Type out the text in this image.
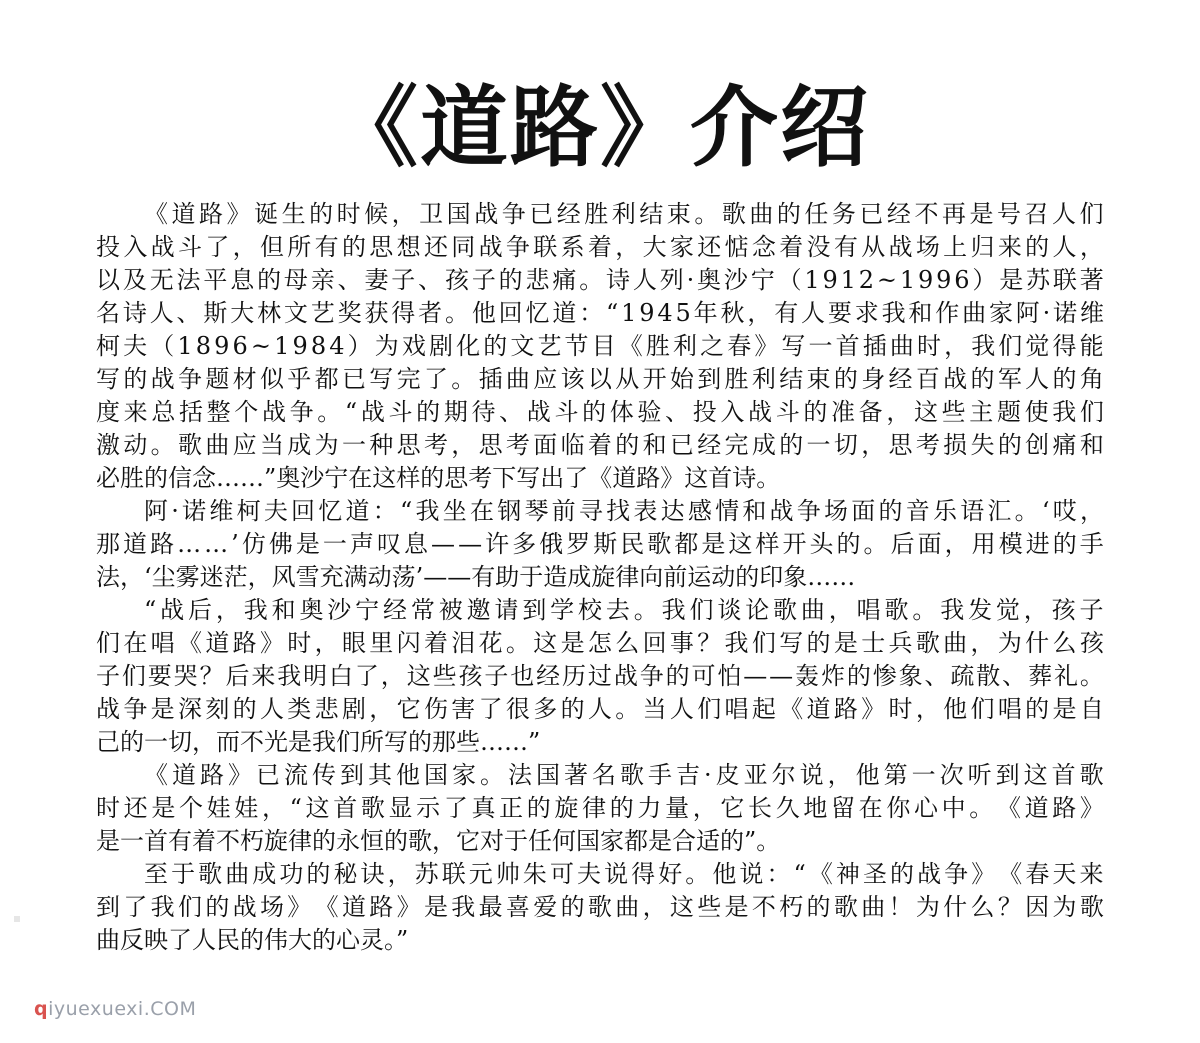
《道路》介绍
《 道 路 》 诞 生 的 时 候 ， 卫 国 战 争 已 经 胜 利 结 束 。 歌 曲 的 任 务 已 经 不 再 是 号 召 人 们
投 入 战 斗 了 ， 但 所 有 的 思 想 还 同 战 争 联 系 着 ， 大 家 还 惦 念 着 没 有 从 战 场 上 归 来 的 人 ，
以 及 无 法 平 息 的 母 亲 、 妻 子 、 孩 子 的 悲 痛 。 诗 人 列 · 奥 沙 宁 （ 1 9 1 2 ~ 1 9 9 6 ） 是 苏 联 著
名 诗 人 、 斯 大 林 文 艺 奖 获 得 者 。 他 回 忆 道 ： “ 1 9 4 5 年 秋 ， 有 人 要 求 我 和 作 曲 家 阿 · 诺 维
柯 夫 （ 1 8 9 6 ~ 1 9 8 4 ） 为 戏 剧 化 的 文 艺 节 目 《 胜 利 之 春 》 写 一 首 插 曲 时 ， 我 们 觉 得 能
写 的 战 争 题 材 似 乎 都 已 写 完 了 。 插 曲 应 该 以 从 开 始 到 胜 利 结 束 的 身 经 百 战 的 军 人 的 角
度 来 总 括 整 个 战 争 。 “ 战 斗 的 期 待 、 战 斗 的 体 验 、 投 入 战 斗 的 准 备 ， 这 些 主 题 使 我 们
激 动 。 歌 曲 应 当 成 为 一 种 思 考 ， 思 考 面 临 着 的 和 已 经 完 成 的 一 切 ， 思 考 损 失 的 创 痛 和
必胜的信念……”奥沙宁在这样的思考下写出了《道路》这首诗。
阿 · 诺 维 柯 夫 回 忆 道 ： “ 我 坐 在 钢 琴 前 寻 找 表 达 感 情 和 战 争 场 面 的 音 乐 语 汇 。 ‘ 哎 ，
那 道 路 … … ’ 仿 佛 是 一 声 叹 息 — — 许 多 俄 罗 斯 民 歌 都 是 这 样 开 头 的 。 后 面 ， 用 模 进 的 手
法，‘尘雾迷茫，风雪充满动荡’——有助于造成旋律向前运动的印象……
“ 战 后 ， 我 和 奥 沙 宁 经 常 被 邀 请 到 学 校 去 。 我 们 谈 论 歌 曲 ， 唱 歌 。 我 发 觉 ， 孩 子
们 在 唱 《 道 路 》 时 ， 眼 里 闪 着 泪 花 。 这 是 怎 么 回 事 ？ 我 们 写 的 是 士 兵 歌 曲 ， 为 什 么 孩
子 们 要 哭 ？ 后 来 我 明 白 了 ， 这 些 孩 子 也 经 历 过 战 争 的 可 怕 — — 轰 炸 的 惨 象 、 疏 散 、 葬 礼 。
战 争 是 深 刻 的 人 类 悲 剧 ， 它 伤 害 了 很 多 的 人 。 当 人 们 唱 起 《 道 路 》 时 ， 他 们 唱 的 是 自
己的一切，而不光是我们所写的那些……”
《 道 路 》 已 流 传 到 其 他 国 家 。 法 国 著 名 歌 手 吉 · 皮 亚 尔 说 ， 他 第 一 次 听 到 这 首 歌
时 还 是 个 娃 娃 ， “ 这 首 歌 显 示 了 真 正 的 旋 律 的 力 量 ， 它 长 久 地 留 在 你 心 中 。 《 道 路 》
是一首有着不朽旋律的永恒的歌，它对于任何国家都是合适的”。
至 于 歌 曲 成 功 的 秘 诀 ， 苏 联 元 帅 朱 可 夫 说 得 好 。 他 说 ： “ 《 神 圣 的 战 争 》 《 春 天 来
到 了 我 们 的 战 场 》 《 道 路 》 是 我 最 喜 爱 的 歌 曲 ， 这 些 是 不 朽 的 歌 曲 ！ 为 什 么 ？ 因 为 歌
曲反映了人民的伟大的心灵。”
qiyuexuexi.COM
